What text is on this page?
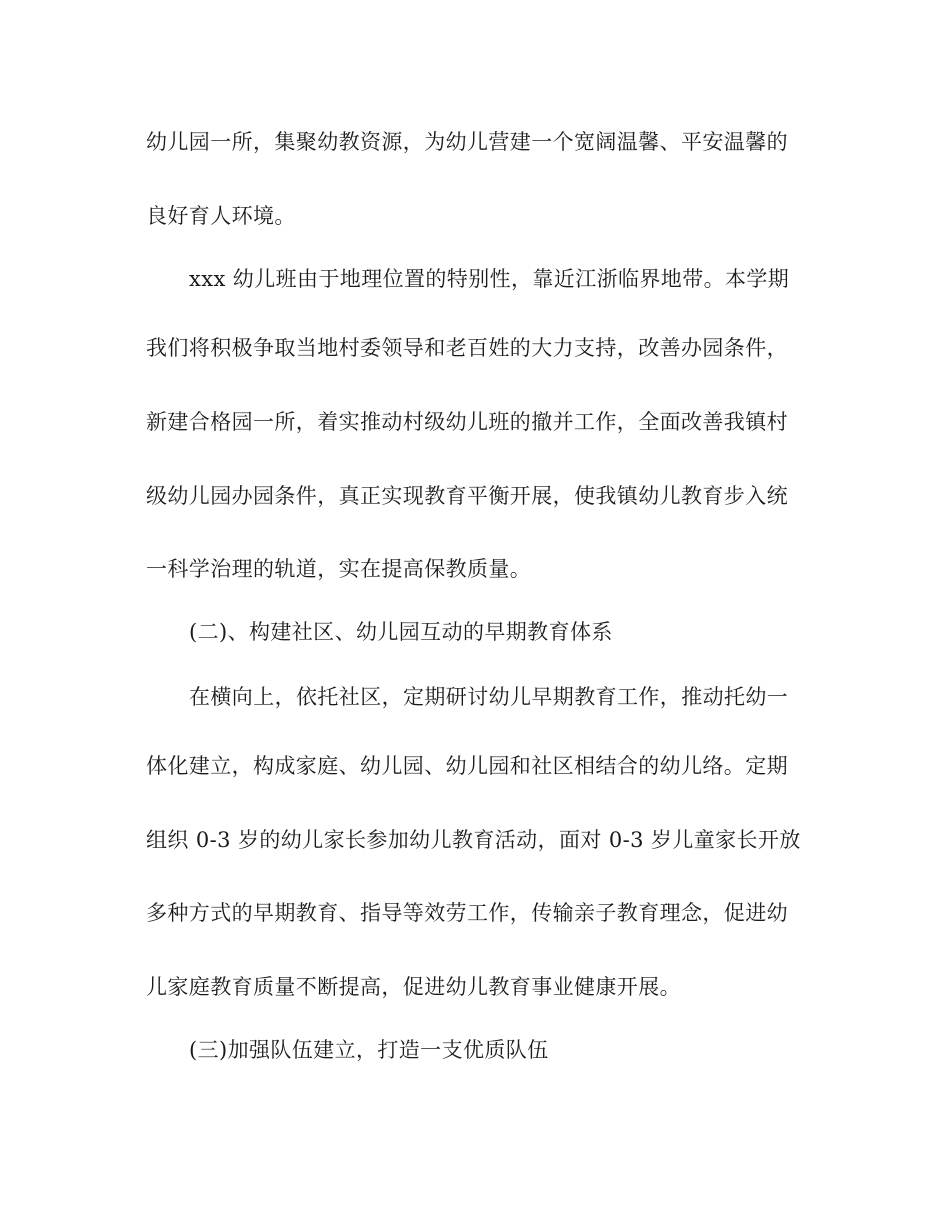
幼儿园一所，集聚幼教资源，为幼儿营建一个宽阔温馨、平安温馨的
良好育人环境。
xxx 幼儿班由于地理位置的特别性，靠近江浙临界地带。本学期
我们将积极争取当地村委领导和老百姓的大力支持，改善办园条件，
新建合格园一所，着实推动村级幼儿班的撤并工作，全面改善我镇村
级幼儿园办园条件，真正实现教育平衡开展，使我镇幼儿教育步入统
一科学治理的轨道，实在提高保教质量。
(二)、构建社区、幼儿园互动的早期教育体系
在横向上，依托社区，定期研讨幼儿早期教育工作，推动托幼一
体化建立，构成家庭、幼儿园、幼儿园和社区相结合的幼儿络。定期
组织 0-3 岁的幼儿家长参加幼儿教育活动，面对 0-3 岁儿童家长开放
多种方式的早期教育、指导等效劳工作，传输亲子教育理念，促进幼
儿家庭教育质量不断提高，促进幼儿教育事业健康开展。
(三)加强队伍建立，打造一支优质队伍
